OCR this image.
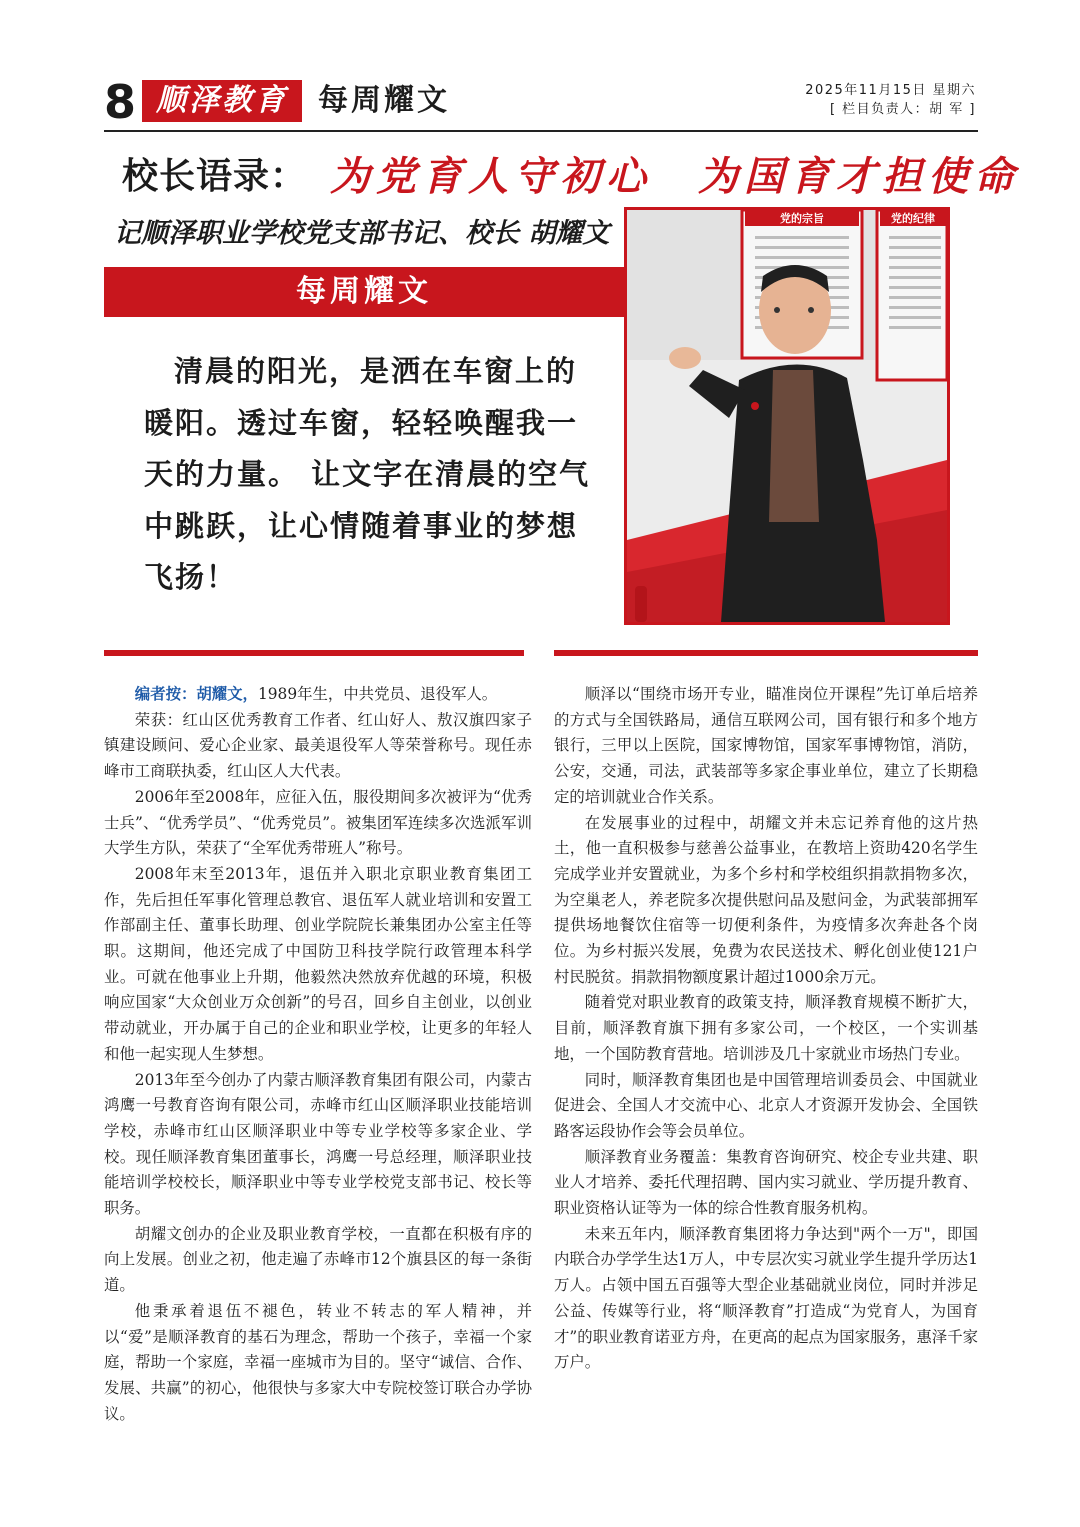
8 顺泽教育报
每周耀文	2025年11月15日 星期六
[ 栏目负责人：胡 军 ]
校长语录： 为党育人守初心　为国育才担使命
记顺泽职业学校党支部书记、校长 胡耀文
每周耀文
清晨的阳光，是洒在车窗上的暖阳。透过车窗，轻轻唤醒我一天的力量。 让文字在清晨的空气中跳跃，让心情随着事业的梦想飞扬！
党的宗旨	党的纪律

编者按：胡耀文，1989年生，中共党员、退役军人。

荣获：红山区优秀教育工作者、红山好人、敖汉旗四家子镇建设顾问、爱心企业家、最美退役军人等荣誉称号。现任赤峰市工商联执委，红山区人大代表。

2006年至2008年，应征入伍，服役期间多次被评为“优秀士兵”、“优秀学员”、“优秀党员”。被集团军连续多次选派军训大学生方队，荣获了“全军优秀带班人”称号。

2008年末至2013年，退伍并入职北京职业教育集团工作，先后担任军事化管理总教官、退伍军人就业培训和安置工作部副主任、董事长助理、创业学院院长兼集团办公室主任等职。这期间，他还完成了中国防卫科技学院行政管理本科学业。可就在他事业上升期，他毅然决然放弃优越的环境，积极响应国家“大众创业万众创新”的号召，回乡自主创业，以创业带动就业，开办属于自己的企业和职业学校，让更多的年轻人和他一起实现人生梦想。

2013年至今创办了内蒙古顺泽教育集团有限公司，内蒙古鸿鹰一号教育咨询有限公司，赤峰市红山区顺泽职业技能培训学校，赤峰市红山区顺泽职业中等专业学校等多家企业、学校。现任顺泽教育集团董事长，鸿鹰一号总经理，顺泽职业技能培训学校校长，顺泽职业中等专业学校党支部书记、校长等职务。

胡耀文创办的企业及职业教育学校，一直都在积极有序的向上发展。创业之初，他走遍了赤峰市12个旗县区的每一条街道。

他秉承着退伍不褪色，转业不转志的军人精神，并以“爱”是顺泽教育的基石为理念，帮助一个孩子，幸福一个家庭，帮助一个家庭，幸福一座城市为目的。坚守“诚信、合作、发展、共赢”的初心，他很快与多家大中专院校签订联合办学协议。

顺泽以“围绕市场开专业，瞄准岗位开课程”先订单后培养的方式与全国铁路局，通信互联网公司，国有银行和多个地方银行，三甲以上医院，国家博物馆，国家军事博物馆，消防，公安，交通，司法，武装部等多家企事业单位，建立了长期稳定的培训就业合作关系。

在发展事业的过程中，胡耀文并未忘记养育他的这片热土，他一直积极参与慈善公益事业，在教培上资助420名学生完成学业并安置就业，为多个乡村和学校组织捐款捐物多次，为空巢老人，养老院多次提供慰问品及慰问金，为武装部拥军提供场地餐饮住宿等一切便利条件，为疫情多次奔赴各个岗位。为乡村振兴发展，免费为农民送技术、孵化创业使121户村民脱贫。捐款捐物额度累计超过1000余万元。

随着党对职业教育的政策支持，顺泽教育规模不断扩大，目前，顺泽教育旗下拥有多家公司，一个校区，一个实训基地，一个国防教育营地。培训涉及几十家就业市场热门专业。

同时，顺泽教育集团也是中国管理培训委员会、中国就业促进会、全国人才交流中心、北京人才资源开发协会、全国铁路客运段协作会等会员单位。

顺泽教育业务覆盖：集教育咨询研究、校企专业共建、职业人才培养、委托代理招聘、国内实习就业、学历提升教育、职业资格认证等为一体的综合性教育服务机构。

未来五年内，顺泽教育集团将力争达到"两个一万"，即国内联合办学学生达1万人，中专层次实习就业学生提升学历达1万人。占领中国五百强等大型企业基础就业岗位，同时并涉足公益、传媒等行业，将“顺泽教育”打造成“为党育人，为国育才”的职业教育诺亚方舟，在更高的起点为国家服务，惠泽千家万户。
